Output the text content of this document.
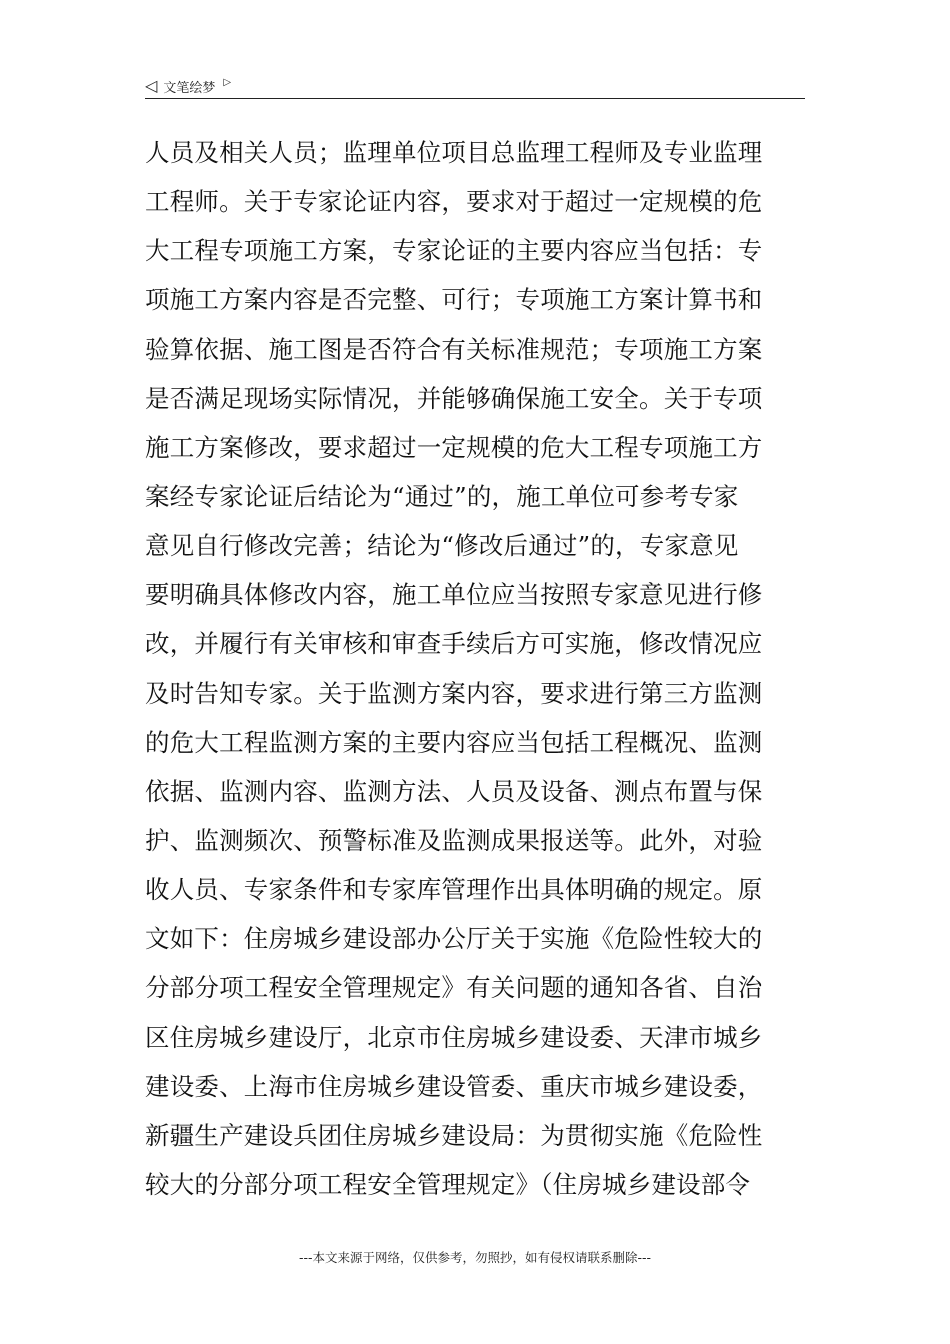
◁ 文笔绘梦 ▷
人员及相关人员；监理单位项目总监理工程师及专业监理
工程师。关于专家论证内容，要求对于超过一定规模的危
大工程专项施工方案，专家论证的主要内容应当包括：专
项施工方案内容是否完整、可行；专项施工方案计算书和
验算依据、施工图是否符合有关标准规范；专项施工方案
是否满足现场实际情况，并能够确保施工安全。关于专项
施工方案修改，要求超过一定规模的危大工程专项施工方
案经专家论证后结论为“通过”的，施工单位可参考专家
意见自行修改完善；结论为“修改后通过”的，专家意见
要明确具体修改内容，施工单位应当按照专家意见进行修
改，并履行有关审核和审查手续后方可实施，修改情况应
及时告知专家。关于监测方案内容，要求进行第三方监测
的危大工程监测方案的主要内容应当包括工程概况、监测
依据、监测内容、监测方法、人员及设备、测点布置与保
护、监测频次、预警标准及监测成果报送等。此外，对验
收人员、专家条件和专家库管理作出具体明确的规定。原
文如下：住房城乡建设部办公厅关于实施《危险性较大的
分部分项工程安全管理规定》有关问题的通知各省、自治
区住房城乡建设厅，北京市住房城乡建设委、天津市城乡
建设委、上海市住房城乡建设管委、重庆市城乡建设委，
新疆生产建设兵团住房城乡建设局：为贯彻实施《危险性
较大的分部分项工程安全管理规定》（住房城乡建设部令
---本文来源于网络，仅供参考，勿照抄，如有侵权请联系删除---
